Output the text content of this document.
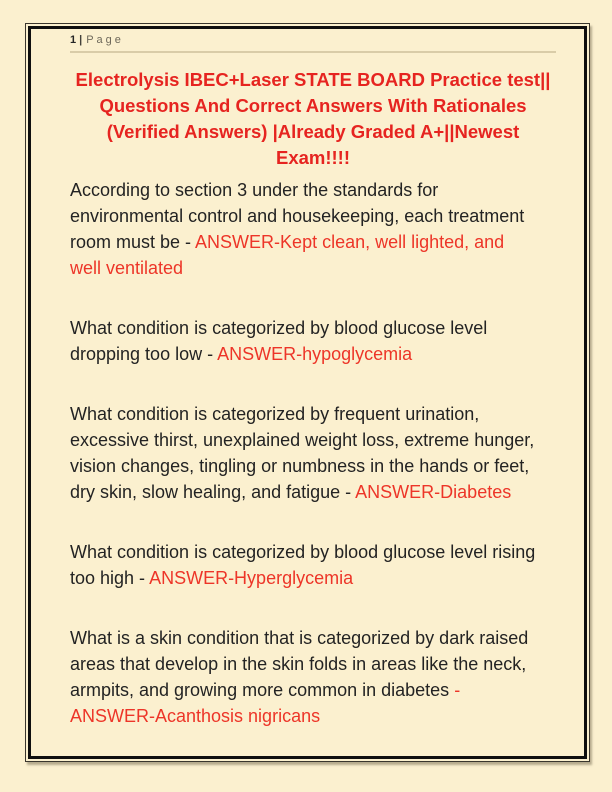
1 | Page
Electrolysis IBEC+Laser STATE BOARD Practice test||
Questions And Correct Answers With Rationales
(Verified Answers) |Already Graded A+||Newest
Exam!!!!
According to section 3 under the standards for
environmental control and housekeeping, each treatment
room must be - ANSWER-Kept clean, well lighted, and
well ventilated
What condition is categorized by blood glucose level
dropping too low - ANSWER-hypoglycemia
What condition is categorized by frequent urination,
excessive thirst, unexplained weight loss, extreme hunger,
vision changes, tingling or numbness in the hands or feet,
dry skin, slow healing, and fatigue - ANSWER-Diabetes
What condition is categorized by blood glucose level rising
too high - ANSWER-Hyperglycemia
What is a skin condition that is categorized by dark raised
areas that develop in the skin folds in areas like the neck,
armpits, and growing more common in diabetes -
ANSWER-Acanthosis nigricans
